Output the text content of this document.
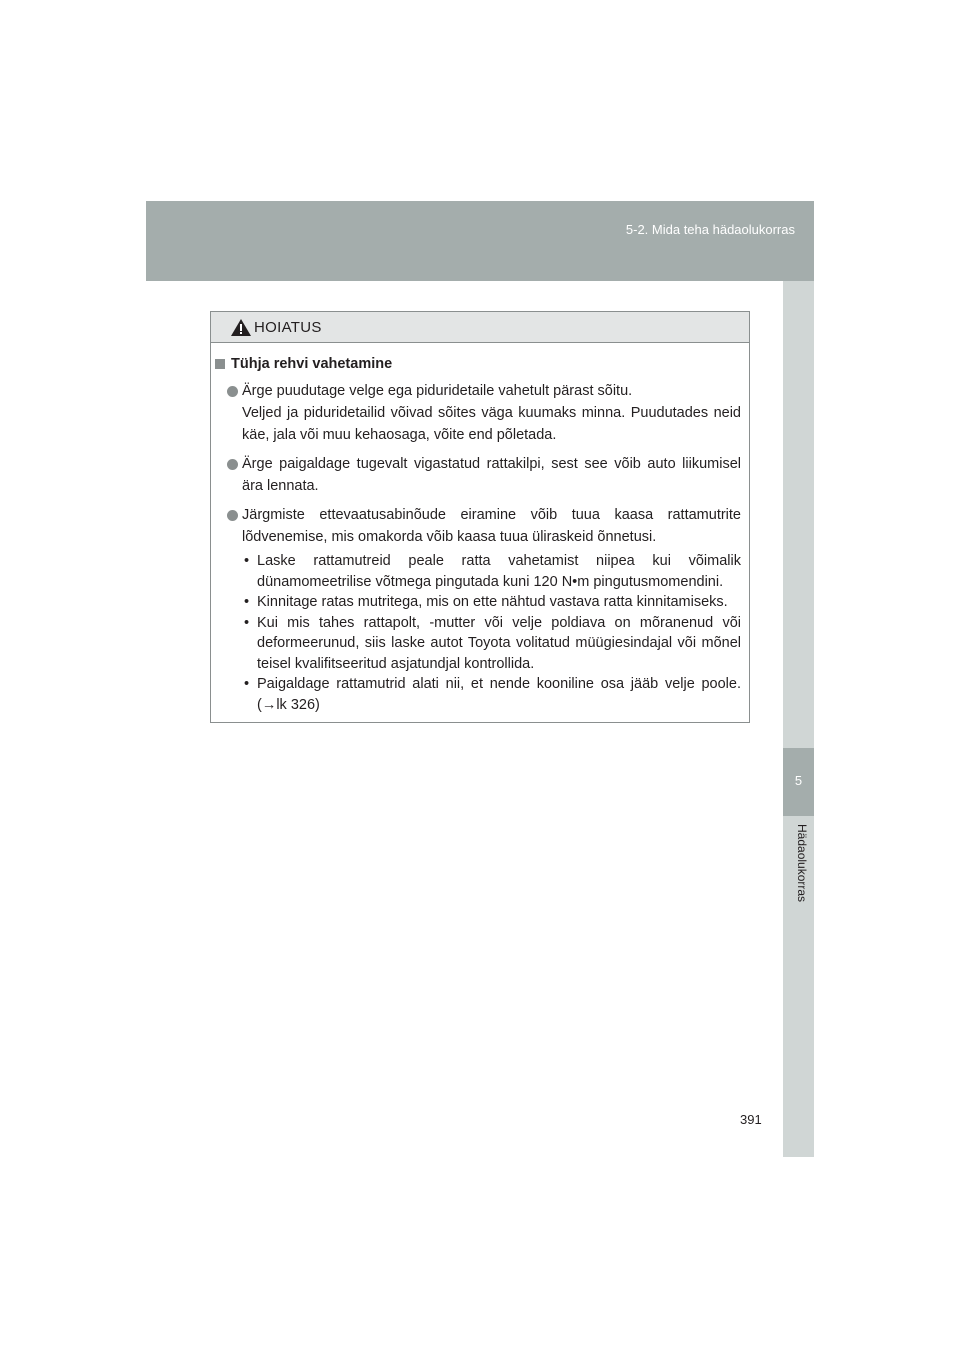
5-2. Mida teha hädaolukorras
5
Hädaolukorras
HOIATUS
Tühja rehvi vahetamine
Ärge puudutage velge ega piduridetaile vahetult pärast sõitu.
Veljed ja piduridetailid võivad sõites väga kuumaks minna. Puudutades neid käe, jala või muu kehaosaga, võite end põletada.
Ärge paigaldage tugevalt vigastatud rattakilpi, sest see võib auto liikumisel ära lennata.
Järgmiste ettevaatusabinõude eiramine võib tuua kaasa rattamutrite lõdvenemise, mis omakorda võib kaasa tuua üliraskeid õnnetusi.
• Laske rattamutreid peale ratta vahetamist niipea kui võimalik dünamomeetrilise võtmega pingutada kuni 120 N•m pingutusmomendini.
• Kinnitage ratas mutritega, mis on ette nähtud vastava ratta kinnitamiseks.
• Kui mis tahes rattapolt, -mutter või velje poldiava on mõranenud või deformeerunud, siis laske autot Toyota volitatud müügiesindajal või mõnel teisel kvalifitseeritud asjatundjal kontrollida.
• Paigaldage rattamutrid alati nii, et nende kooniline osa jääb velje poole. (→lk 326)
391
